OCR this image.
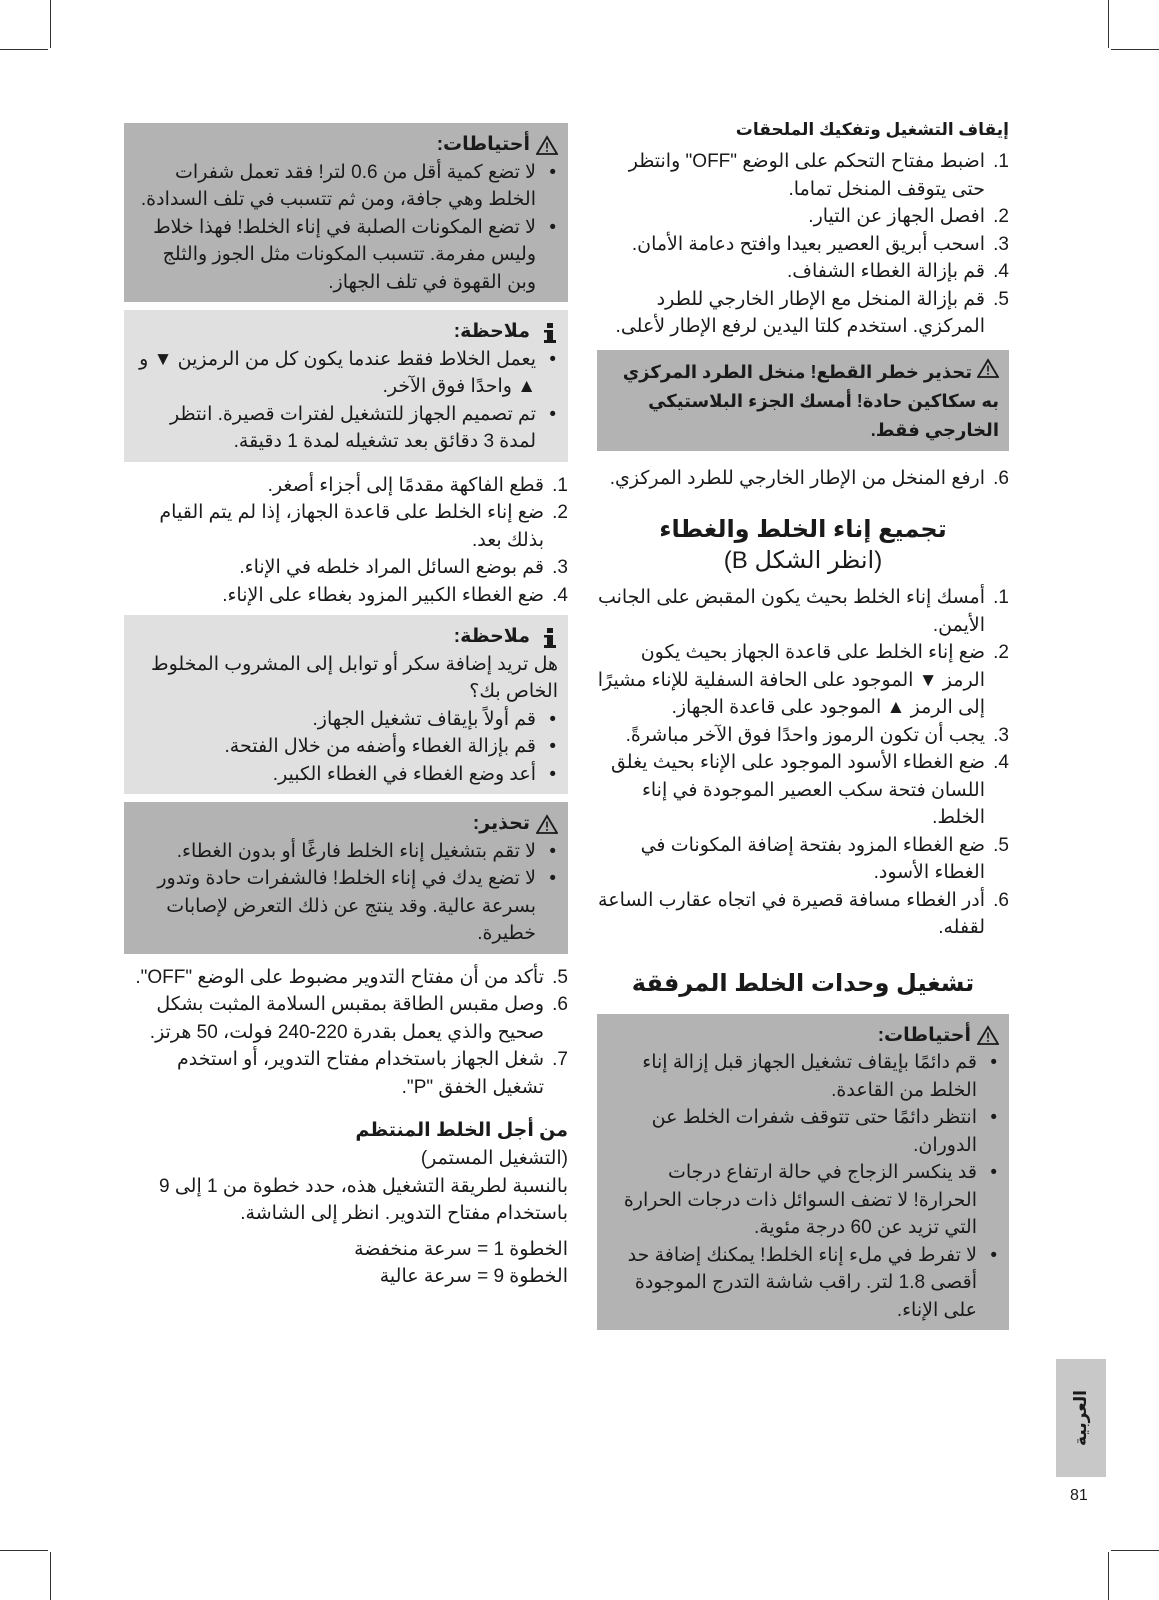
إيقاف التشغيل وتفكيك الملحقات
1.
اضبط مفتاح التحكم على الوضع "OFF" وانتظر حتى يتوقف المنخل تماما.
2.
افصل الجهاز عن التيار.
3.
اسحب أبريق العصير بعيدا وافتح دعامة الأمان.
4.
قم بإزالة الغطاء الشفاف.
5.
قم بإزالة المنخل مع الإطار الخارجي للطرد المركزي. استخدم كلتا اليدين لرفع الإطار لأعلى.
تحذير خطر القطع! منخل الطرد المركزي به سكاكين حادة! أمسك الجزء البلاستيكي الخارجي فقط.
6.
ارفع المنخل من الإطار الخارجي للطرد المركزي.
تجميع إناء الخلط والغطاء
(انظر الشكل B)
1.
أمسك إناء الخلط بحيث يكون المقبض على الجانب الأيمن.
2.
ضع إناء الخلط على قاعدة الجهاز بحيث يكون الرمز ▼ الموجود على الحافة السفلية للإناء مشيرًا إلى الرمز ▲ الموجود على قاعدة الجهاز.
3.
يجب أن تكون الرموز واحدًا فوق الآخر مباشرةً.
4.
ضع الغطاء الأسود الموجود على الإناء بحيث يغلق اللسان فتحة سكب العصير الموجودة في إناء الخلط.
5.
ضع الغطاء المزود بفتحة إضافة المكونات في الغطاء الأسود.
6.
أدر الغطاء مسافة قصيرة في اتجاه عقارب الساعة لقفله.
تشغيل وحدات الخلط المرفقة
أحتياطات:
• قم دائمًا بإيقاف تشغيل الجهاز قبل إزالة إناء الخلط من القاعدة.
• انتظر دائمًا حتى تتوقف شفرات الخلط عن الدوران.
• قد ينكسر الزجاج في حالة ارتفاع درجات الحرارة! لا تضف السوائل ذات درجات الحرارة التي تزيد عن 60 درجة مئوية.
• لا تفرط في ملء إناء الخلط! يمكنك إضافة حد أقصى 1.8 لتر. راقب شاشة التدرج الموجودة على الإناء.
أحتياطات:
• لا تضع كمية أقل من 0.6 لتر! فقد تعمل شفرات الخلط وهي جافة، ومن ثم تتسبب في تلف السدادة.
• لا تضع المكونات الصلبة في إناء الخلط! فهذا خلاط وليس مفرمة. تتسبب المكونات مثل الجوز والثلج وبن القهوة في تلف الجهاز.
ملاحظة:
• يعمل الخلاط فقط عندما يكون كل من الرمزين ▼ و ▲ واحدًا فوق الآخر.
• تم تصميم الجهاز للتشغيل لفترات قصيرة. انتظر لمدة 3 دقائق بعد تشغيله لمدة 1 دقيقة.
1.
قطع الفاكهة مقدمًا إلى أجزاء أصغر.
2.
ضع إناء الخلط على قاعدة الجهاز، إذا لم يتم القيام بذلك بعد.
3.
قم بوضع السائل المراد خلطه في الإناء.
4.
ضع الغطاء الكبير المزود بغطاء على الإناء.
ملاحظة:
هل تريد إضافة سكر أو توابل إلى المشروب المخلوط الخاص بك؟
• قم أولاً بإيقاف تشغيل الجهاز.
• قم بإزالة الغطاء وأضفه من خلال الفتحة.
• أعد وضع الغطاء في الغطاء الكبير.
تحذير:
• لا تقم بتشغيل إناء الخلط فارغًا أو بدون الغطاء.
• لا تضع يدك في إناء الخلط! فالشفرات حادة وتدور بسرعة عالية. وقد ينتج عن ذلك التعرض لإصابات خطيرة.
5.
تأكد من أن مفتاح التدوير مضبوط على الوضع "OFF".
6.
وصل مقبس الطاقة بمقبس السلامة المثبت بشكل صحيح والذي يعمل بقدرة 220-240 فولت، 50 هرتز.
7.
شغل الجهاز باستخدام مفتاح التدوير، أو استخدم تشغيل الخفق "P".
من أجل الخلط المنتظم
(التشغيل المستمر)
بالنسبة لطريقة التشغيل هذه، حدد خطوة من 1 إلى 9 باستخدام مفتاح التدوير. انظر إلى الشاشة.
الخطوة 1 = سرعة منخفضة
الخطوة 9 = سرعة عالية
العربية
81
